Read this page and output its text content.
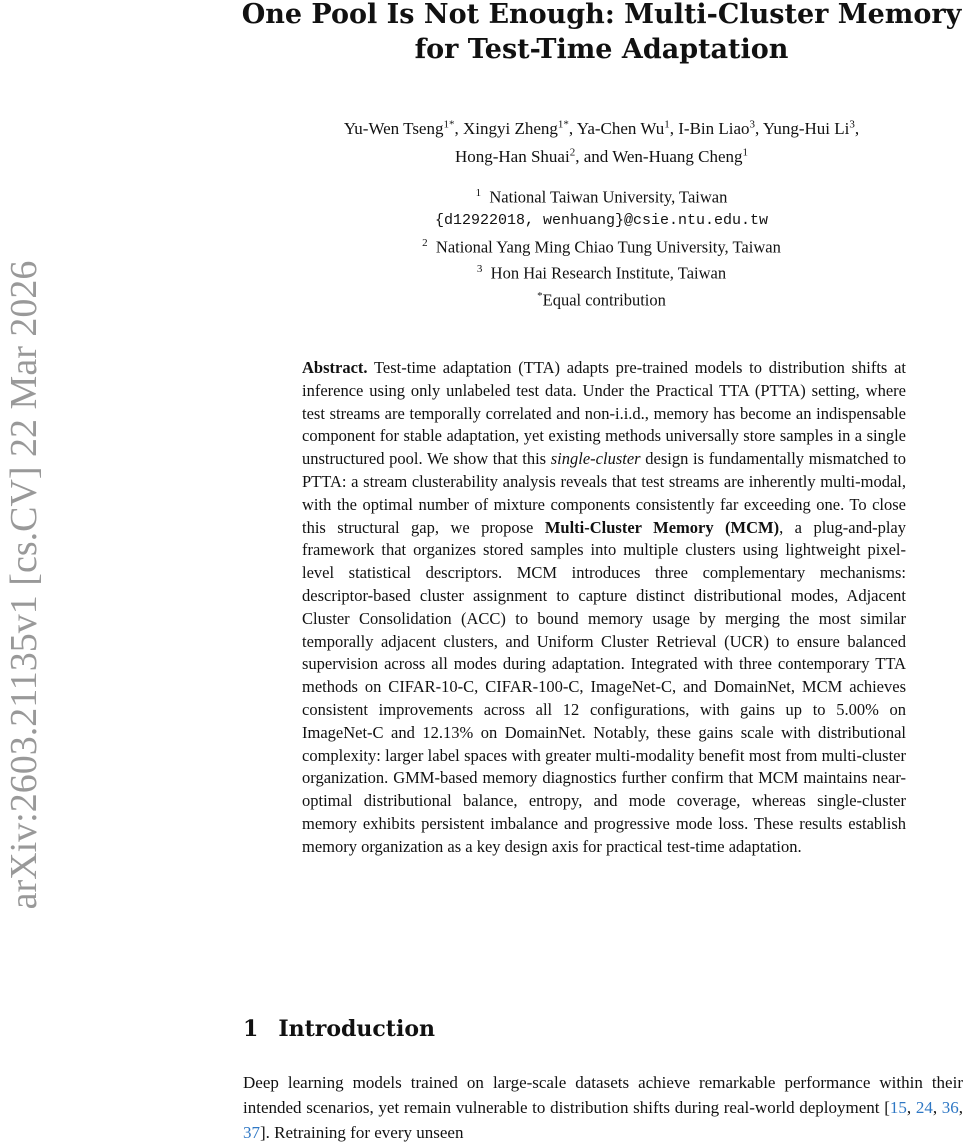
arXiv:2603.21135v1 [cs.CV] 22 Mar 2026
One Pool Is Not Enough: Multi-Cluster Memory
for Test-Time Adaptation
Yu-Wen Tseng$^{1*}$, Xingyi Zheng$^{1*}$, Ya-Chen Wu$^1$, I-Bin Liao$^3$, Yung-Hui Li$^3$,
Hong-Han Shuai$^2$, and Wen-Huang Cheng$^1$
$^1$ National Taiwan University, Taiwan
{d12922018, wenhuang}@csie.ntu.edu.tw
$^2$ National Yang Ming Chiao Tung University, Taiwan
$^3$ Hon Hai Research Institute, Taiwan
*Equal contribution
Abstract. Test-time adaptation (TTA) adapts pre-trained models to distribution shifts at inference using only unlabeled test data. Under the Practical TTA (PTTA) setting, where test streams are temporally correlated and non-i.i.d., memory has become an indispensable component for stable adaptation, yet existing methods universally store samples in a single unstructured pool. We show that this single-cluster design is fundamentally mismatched to PTTA: a stream clusterability analysis reveals that test streams are inherently multi-modal, with the optimal number of mixture components consistently far exceeding one. To close this structural gap, we propose Multi-Cluster Memory (MCM), a plug-and-play framework that organizes stored samples into multiple clusters using lightweight pixel-level statistical descriptors. MCM introduces three complementary mechanisms: descriptor-based cluster assignment to capture distinct distributional modes, Adjacent Cluster Consolidation (ACC) to bound memory usage by merging the most similar temporally adjacent clusters, and Uniform Cluster Retrieval (UCR) to ensure balanced supervision across all modes during adaptation. Integrated with three contemporary TTA methods on CIFAR-10-C, CIFAR-100-C, ImageNet-C, and DomainNet, MCM achieves consistent improvements across all 12 configurations, with gains up to 5.00% on ImageNet-C and 12.13% on DomainNet. Notably, these gains scale with distributional complexity: larger label spaces with greater multi-modality benefit most from multi-cluster organization. GMM-based memory diagnostics further confirm that MCM maintains near-optimal distributional balance, entropy, and mode coverage, whereas single-cluster memory exhibits persistent imbalance and progressive mode loss. These results establish memory organization as a key design axis for practical test-time adaptation.
1 Introduction
Deep learning models trained on large-scale datasets achieve remarkable performance within their intended scenarios, yet remain vulnerable to distribution shifts during real-world deployment [15, 24, 36, 37]. Retraining for every unseen
